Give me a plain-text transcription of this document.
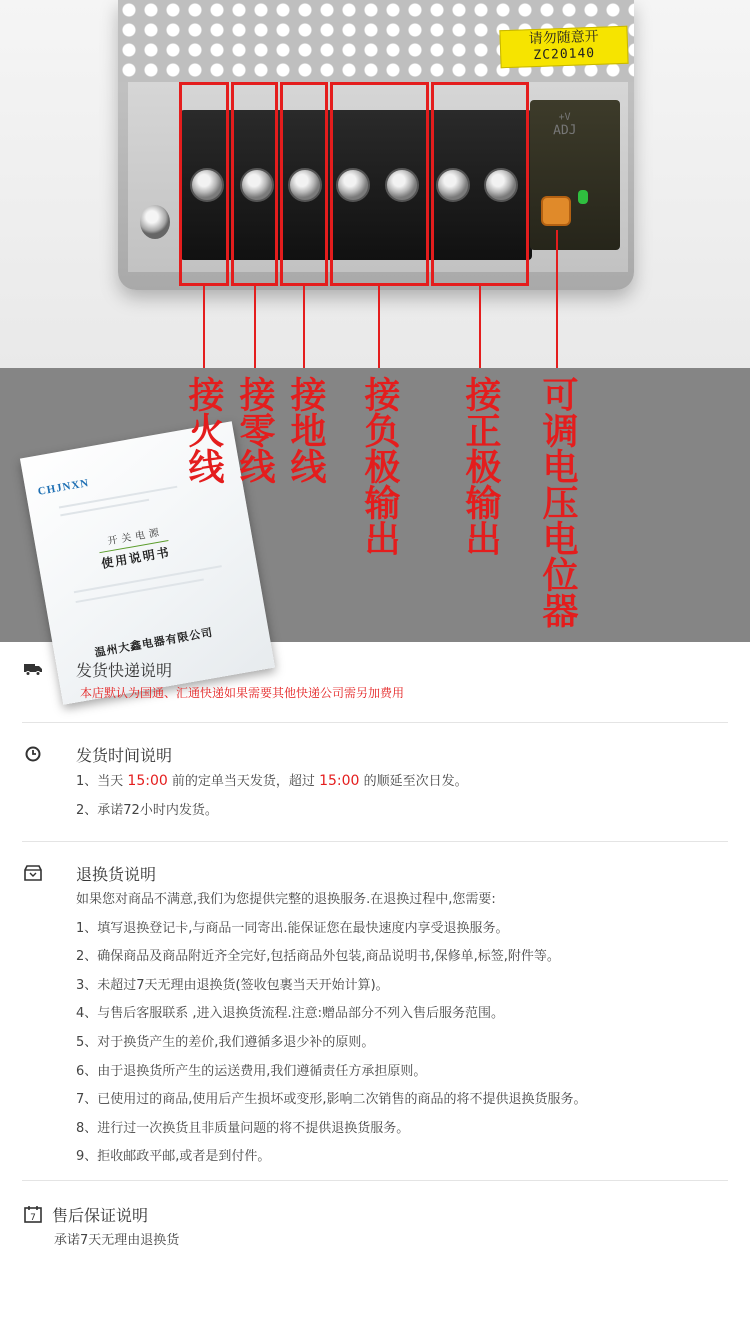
请勿随意开
ZC20140
+V
ADJ
CHJNXN
开关电源
使用说明书
温州大鑫电器有限公司
接火线 接零线 接地线 接负极输出 接正极输出 可调电压电位器
发货快递说明
本店默认为国通、汇通快递如果需要其他快递公司需另加费用
发货时间说明
1、当天 15:00 前的定单当天发货，超过 15:00 的顺延至次日发。
2、承诺72小时内发货。
退换货说明
如果您对商品不满意,我们为您提供完整的退换服务.在退换过程中,您需要:
1、填写退换登记卡,与商品一同寄出.能保证您在最快速度内享受退换服务。
2、确保商品及商品附近齐全完好,包括商品外包装,商品说明书,保修单,标签,附件等。
3、未超过7天无理由退换货(签收包裹当天开始计算)。
4、与售后客服联系 ,进入退换货流程.注意:赠品部分不列入售后服务范围。
5、对于换货产生的差价,我们遵循多退少补的原则。
6、由于退换货所产生的运送费用,我们遵循责任方承担原则。
7、已使用过的商品,使用后产生损坏或变形,影响二次销售的商品的将不提供退换货服务。
8、进行过一次换货且非质量问题的将不提供退换货服务。
9、拒收邮政平邮,或者是到付件。
7 售后保证说明
承诺7天无理由退换货
